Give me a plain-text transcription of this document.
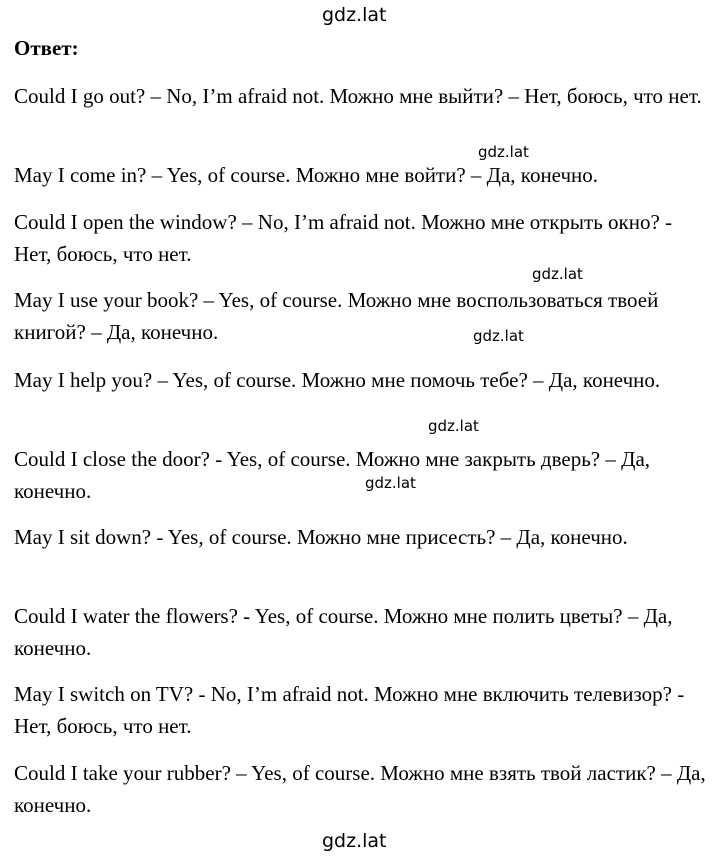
gdz.lat
Ответ:

Could I go out? – No, I’m afraid not. Можно мне выйти? – Нет, боюсь, что нет.

May I come in? – Yes, of course. Можно мне войти? – Да, конечно.

Could I open the window? – No, I’m afraid not. Можно мне открыть окно? - Нет, боюсь, что нет.

May I use your book? – Yes, of course. Можно мне воспользоваться твоей книгой? – Да, конечно.

May I help you? – Yes, of course. Можно мне помочь тебе? – Да, конечно.

Could I close the door? - Yes, of course. Можно мне закрыть дверь? – Да, конечно.

May I sit down? - Yes, of course. Можно мне присесть? – Да, конечно.

Could I water the flowers? - Yes, of course. Можно мне полить цветы? – Да, конечно.

May I switch on TV? - No, I’m afraid not. Можно мне включить телевизор? - Нет, боюсь, что нет.

Could I take your rubber? – Yes, of course. Можно мне взять твой ластик? – Да, конечно.

gdz.lat
gdz.lat
gdz.lat
gdz.lat
gdz.lat
gdz.lat
